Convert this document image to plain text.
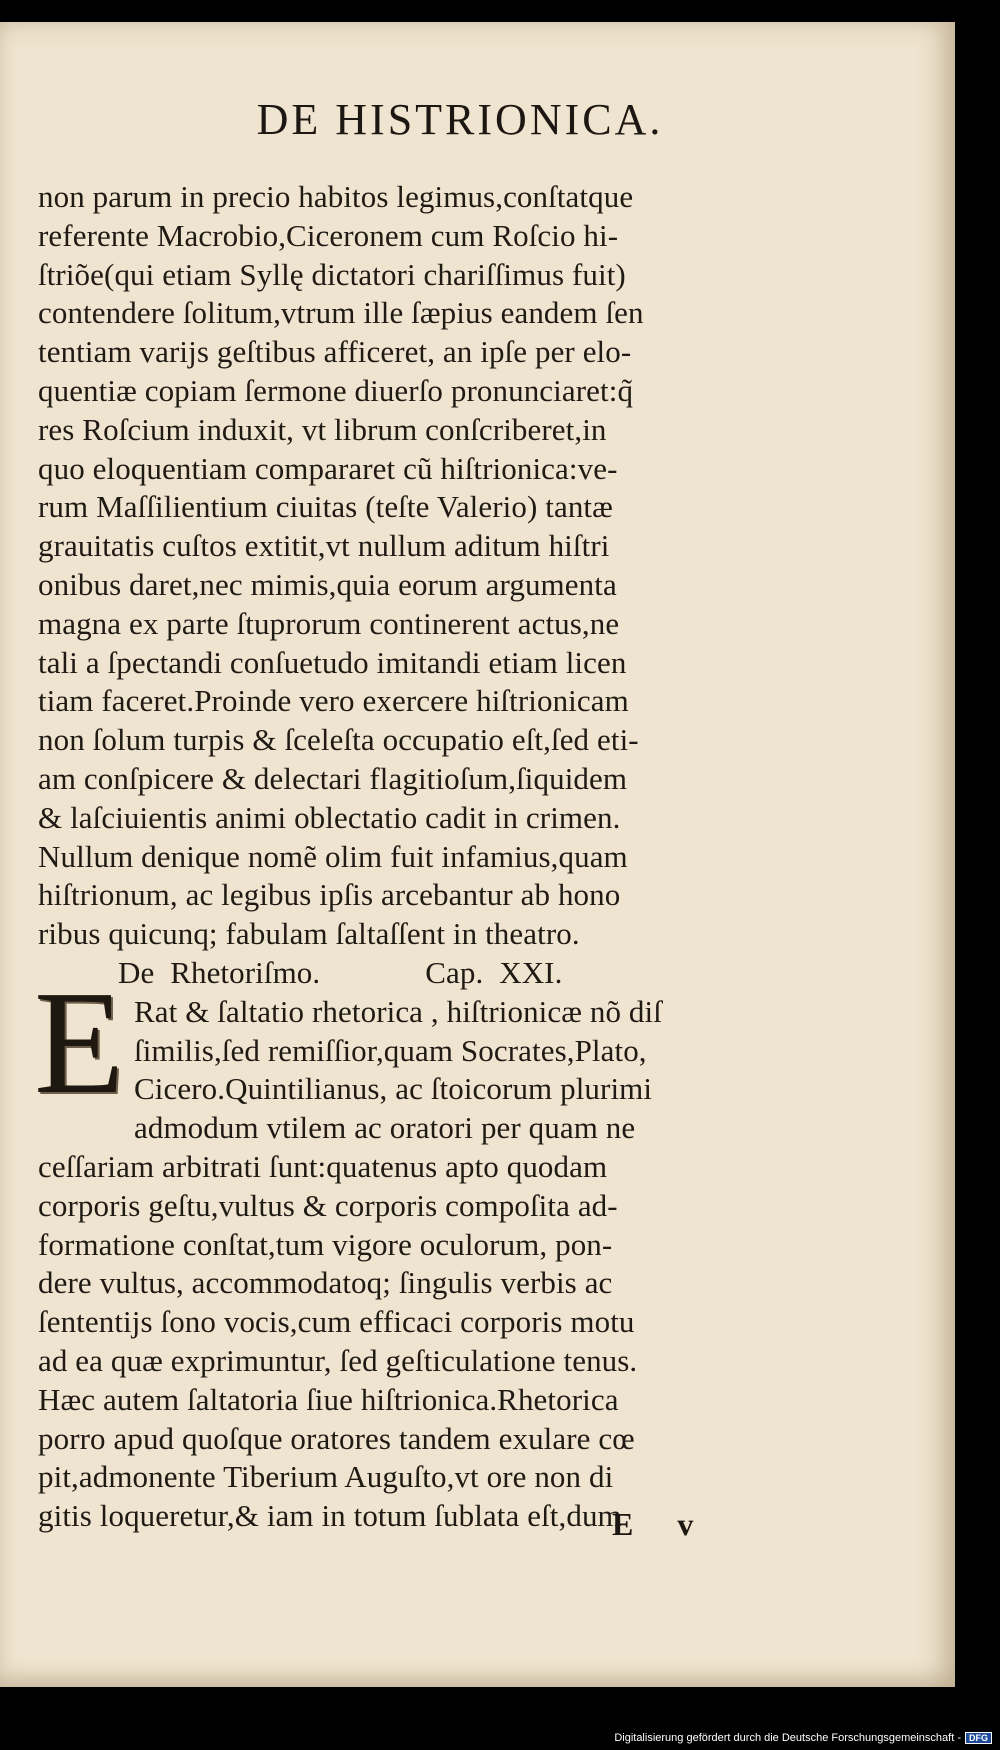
DE HISTRIONICA.
E
non parum in precio habitos legimus,conſtatque
referente Macrobio,Ciceronem cum Roſcio hi-
ſtriõe(qui etiam Syllę dictatori chariſſimus fuit)
contendere ſolitum,vtrum ille ſæpius eandem ſen
tentiam varijs geſtibus afficeret, an ipſe per elo-
quentiæ copiam ſermone diuerſo pronunciaret:q̃
res Roſcium induxit, vt librum conſcriberet,in
quo eloquentiam compararet cũ hiſtrionica:ve-
rum Maſſilientium ciuitas (teſte Valerio) tantæ
grauitatis cuſtos extitit,vt nullum aditum hiſtri
onibus daret,nec mimis,quia eorum argumenta
magna ex parte ſtuprorum continerent actus,ne
tali a ſpectandi conſuetudo imitandi etiam licen
tiam faceret.Proinde vero exercere hiſtrionicam
non ſolum turpis & ſceleſta occupatio eſt,ſed eti-
am conſpicere & delectari flagitioſum,ſiquidem
& laſciuientis animi oblectatio cadit in crimen.
Nullum denique nomẽ olim fuit infamius,quam
hiſtrionum, ac legibus ipſis arcebantur ab hono
ribus quicunq; fabulam ſaltaſſent in theatro.
De Rhetoriſmo.	Cap. XXI.
Rat & ſaltatio rhetorica , hiſtrionicæ nõ diſ
ſimilis,ſed remiſſior,quam Socrates,Plato,
Cicero.Quintilianus, ac ſtoicorum plurimi
admodum vtilem ac oratori per quam ne
ceſſariam arbitrati ſunt:quatenus apto quodam
corporis geſtu,vultus & corporis compoſita ad-
formatione conſtat,tum vigore oculorum, pon-
dere vultus, accommodatoq; ſingulis verbis ac
ſententijs ſono vocis,cum efficaci corporis motu
ad ea quæ exprimuntur, ſed geſticulatione tenus.
Hæc autem ſaltatoria ſiue hiſtrionica.Rhetorica
porro apud quoſque oratores tandem exulare cœ
pit,admonente Tiberium Auguſto,vt ore non di
gitis loqueretur,& iam in totum ſublata eſt,dum
E v
Digitalisierung gefördert durch die Deutsche Forschungsgemeinschaft - DFG
